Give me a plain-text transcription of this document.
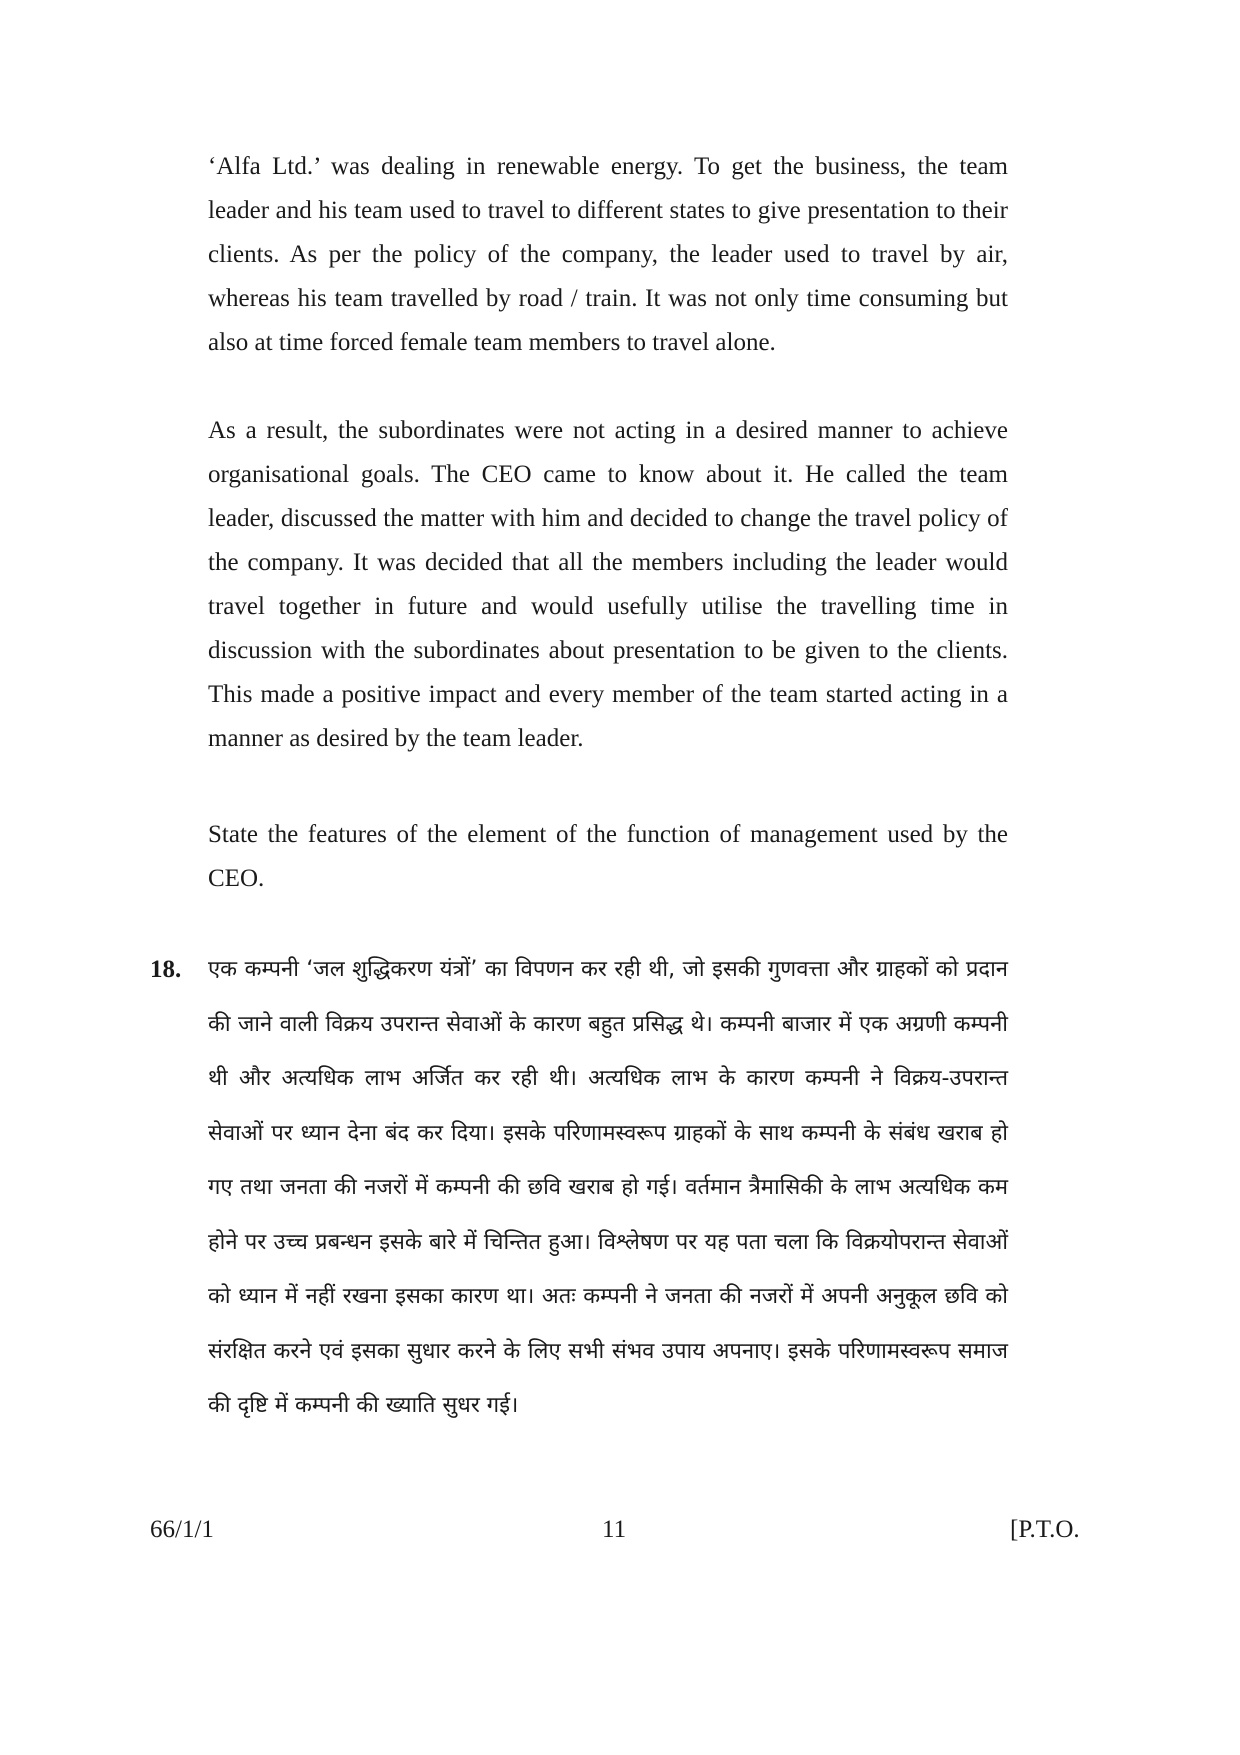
‘Alfa Ltd.’ was dealing in renewable energy. To get the business, the team leader and his team used to travel to different states to give presentation to their clients. As per the policy of the company, the leader used to travel by air, whereas his team travelled by road / train. It was not only time consuming but also at time forced female team members to travel alone.

As a result, the subordinates were not acting in a desired manner to achieve organisational goals. The CEO came to know about it. He called the team leader, discussed the matter with him and decided to change the travel policy of the company. It was decided that all the members including the leader would travel together in future and would usefully utilise the travelling time in discussion with the subordinates about presentation to be given to the clients. This made a positive impact and every member of the team started acting in a manner as desired by the team leader.

State the features of the element of the function of management used by the CEO.

18. एक कम्पनी ‘जल शुद्धिकरण यंत्रों’ का विपणन कर रही थी, जो इसकी गुणवत्ता और ग्राहकों को प्रदान की जाने वाली विक्रय उपरान्त सेवाओं के कारण बहुत प्रसिद्ध थे। कम्पनी बाजार में एक अग्रणी कम्पनी थी और अत्यधिक लाभ अर्जित कर रही थी। अत्यधिक लाभ के कारण कम्पनी ने विक्रय-उपरान्त सेवाओं पर ध्यान देना बंद कर दिया। इसके परिणामस्वरूप ग्राहकों के साथ कम्पनी के संबंध खराब हो गए तथा जनता की नजरों में कम्पनी की छवि खराब हो गई। वर्तमान त्रैमासिकी के लाभ अत्यधिक कम होने पर उच्च प्रबन्धन इसके बारे में चिन्तित हुआ। विश्लेषण पर यह पता चला कि विक्रयोपरान्त सेवाओं को ध्यान में नहीं रखना इसका कारण था। अतः कम्पनी ने जनता की नजरों में अपनी अनुकूल छवि को संरक्षित करने एवं इसका सुधार करने के लिए सभी संभव उपाय अपनाए। इसके परिणामस्वरूप समाज की दृष्टि में कम्पनी की ख्याति सुधर गई।

66/1/1	11	[P.T.O.
